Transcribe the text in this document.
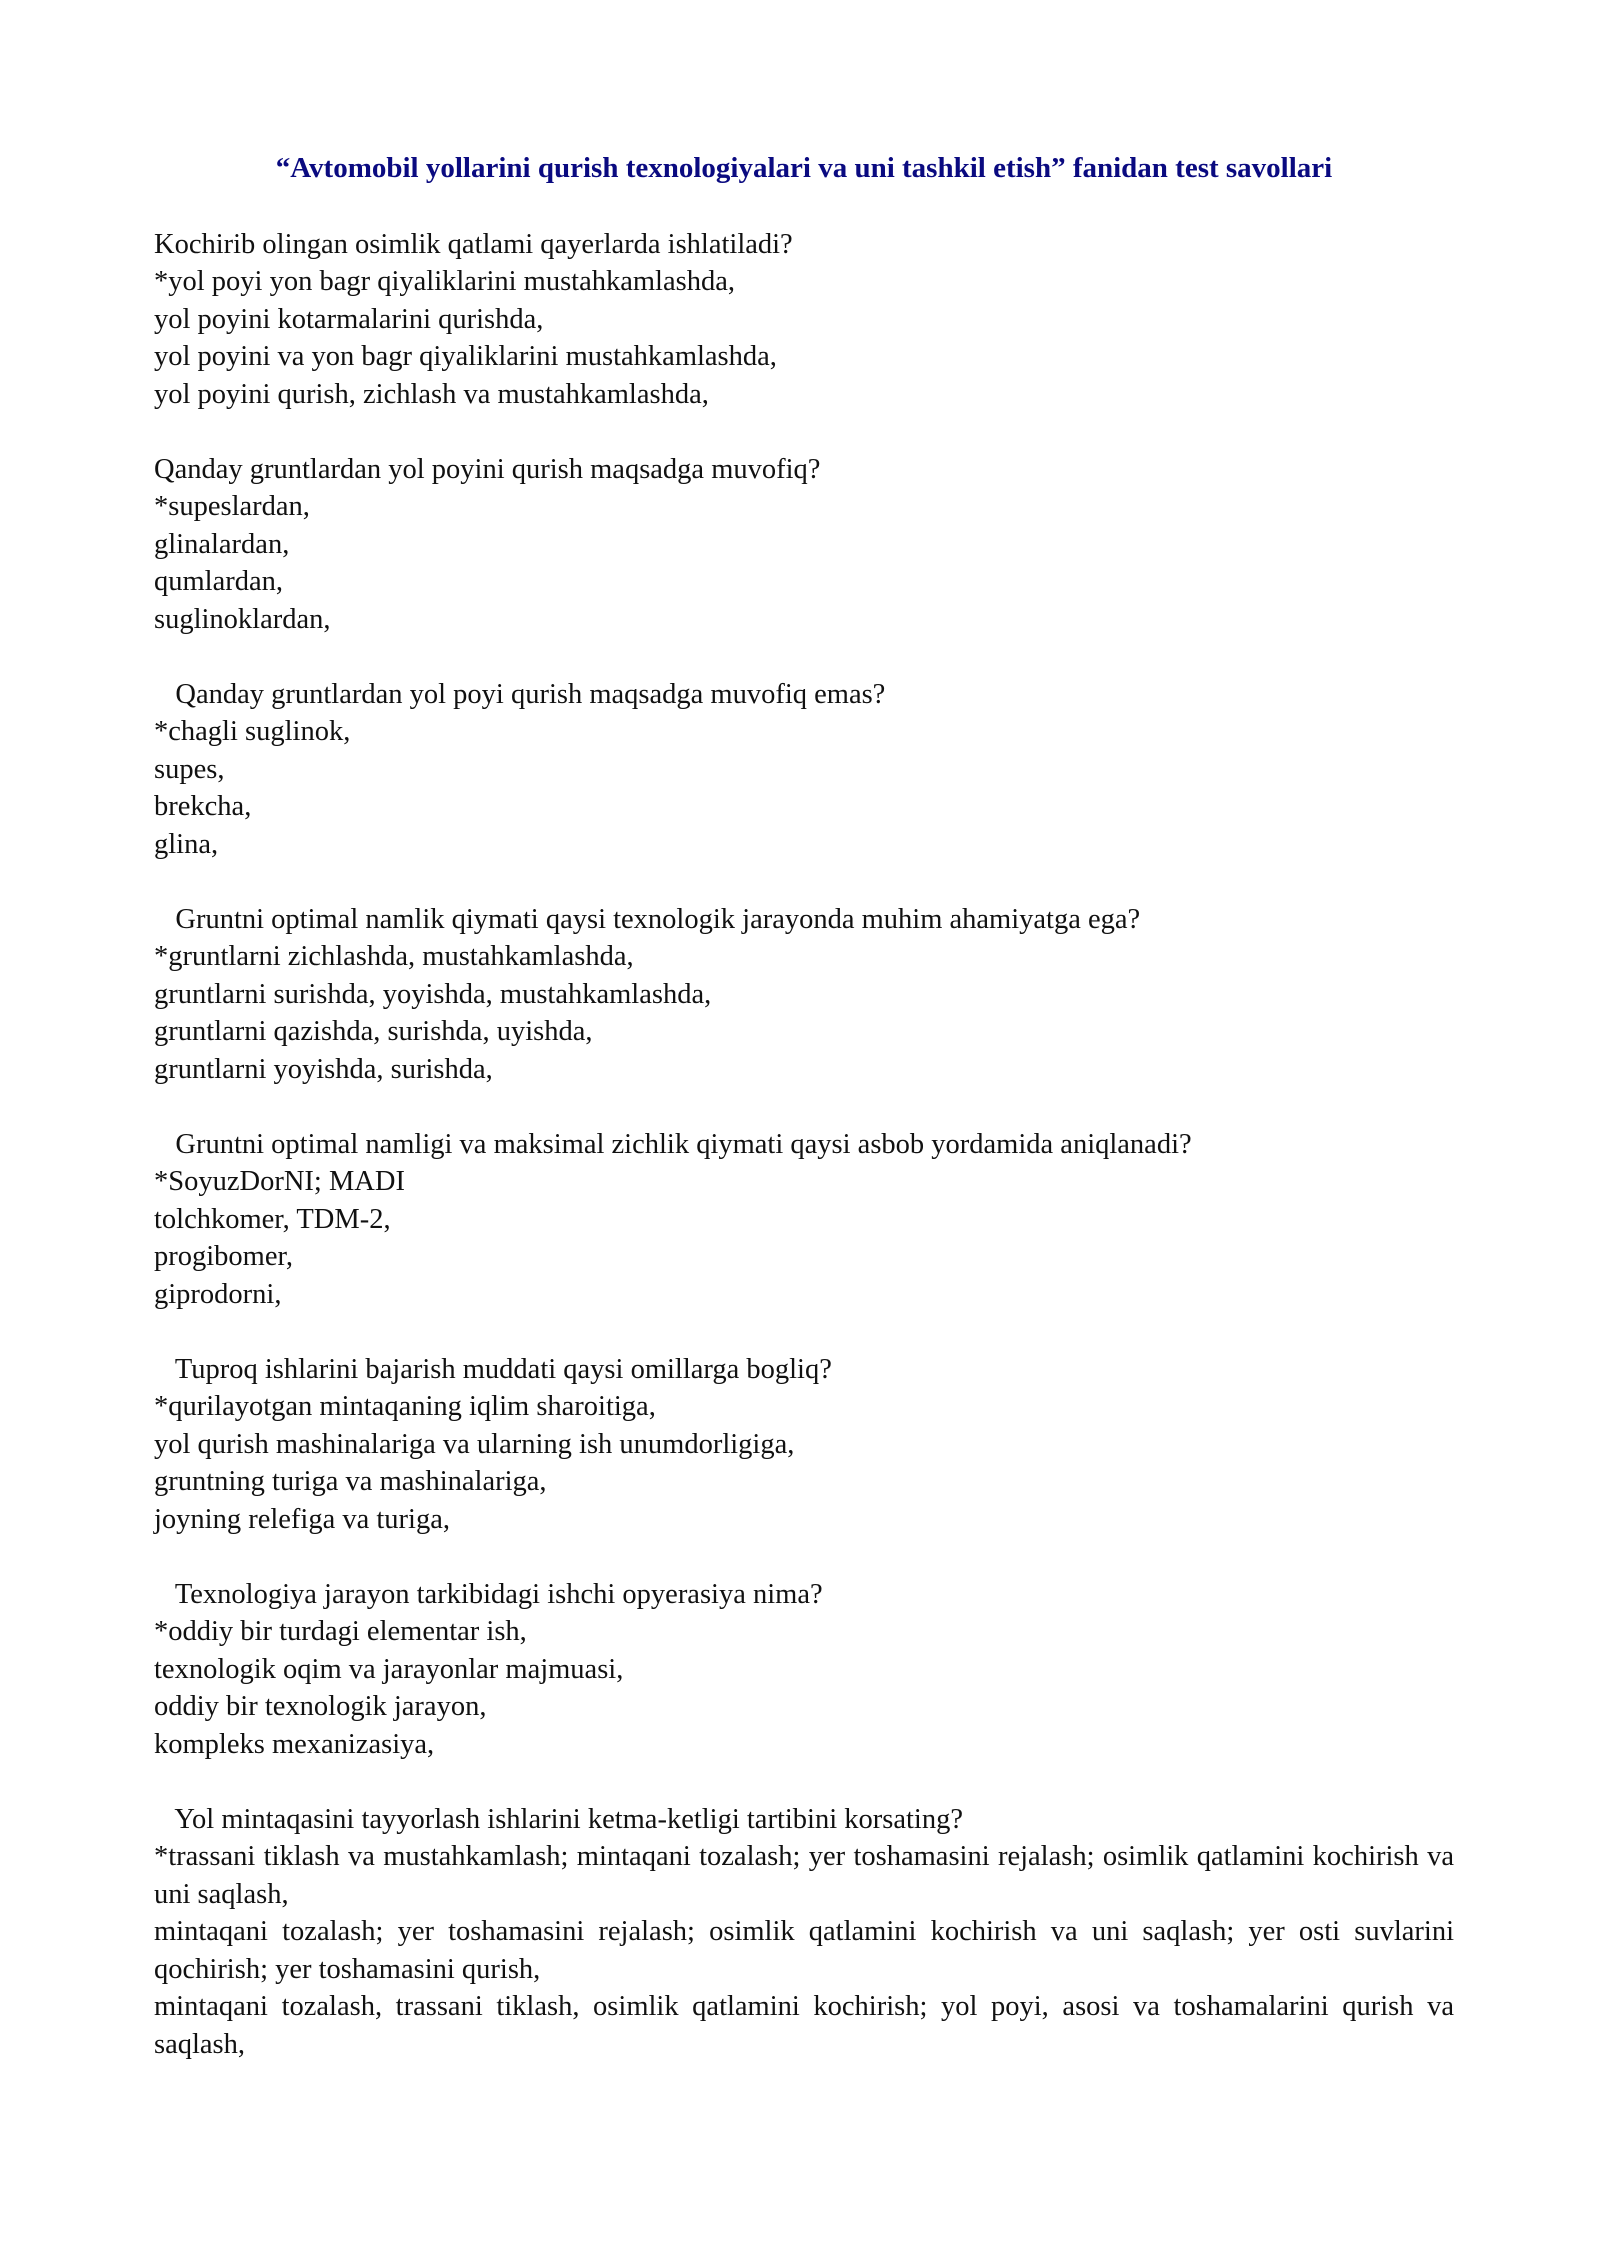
“Avtomobil yollarini qurish texnologiyalari va uni tashkil etish” fanidan test savollari
Kochirib olingan osimlik qatlami qayerlarda ishlatiladi?
*yol poyi yon bagr qiyaliklarini mustahkamlashda,
yol poyini kotarmalarini qurishda,
yol poyini va yon bagr qiyaliklarini mustahkamlashda,
yol poyini qurish, zichlash va mustahkamlashda,
Qanday gruntlardan yol poyini qurish maqsadga muvofiq?
*supeslardan,
glinalardan,
qumlardan,
suglinoklardan,
Qanday gruntlardan yol poyi qurish maqsadga muvofiq emas?
*chagli suglinok,
supes,
brekcha,
glina,
Gruntni optimal namlik qiymati qaysi texnologik jarayonda muhim ahamiyatga ega?
*gruntlarni zichlashda, mustahkamlashda,
gruntlarni surishda, yoyishda, mustahkamlashda,
gruntlarni qazishda, surishda, uyishda,
gruntlarni yoyishda, surishda,
Gruntni optimal namligi va maksimal zichlik qiymati qaysi asbob yordamida aniqlanadi?
*SoyuzDorNI; MADI
tolchkomer, TDM-2,
progibomer,
giprodorni,
Tuproq ishlarini bajarish muddati qaysi omillarga bogliq?
*qurilayotgan mintaqaning iqlim sharoitiga,
yol qurish mashinalariga va ularning ish unumdorligiga,
gruntning turiga va mashinalariga,
joyning relefiga va turiga,
Texnologiya jarayon tarkibidagi ishchi opyerasiya nima?
*oddiy bir turdagi elementar ish,
texnologik oqim va jarayonlar majmuasi,
oddiy bir texnologik jarayon,
kompleks mexanizasiya,
Yol mintaqasini tayyorlash ishlarini ketma-ketligi tartibini korsating?
*trassani tiklash va mustahkamlash; mintaqani tozalash; yer toshamasini rejalash; osimlik qatlamini kochirish va uni saqlash,
mintaqani tozalash; yer toshamasini rejalash; osimlik qatlamini kochirish va uni saqlash; yer osti suvlarini qochirish; yer toshamasini qurish,
mintaqani tozalash, trassani tiklash, osimlik qatlamini kochirish; yol poyi, asosi va toshamalarini qurish va saqlash,
